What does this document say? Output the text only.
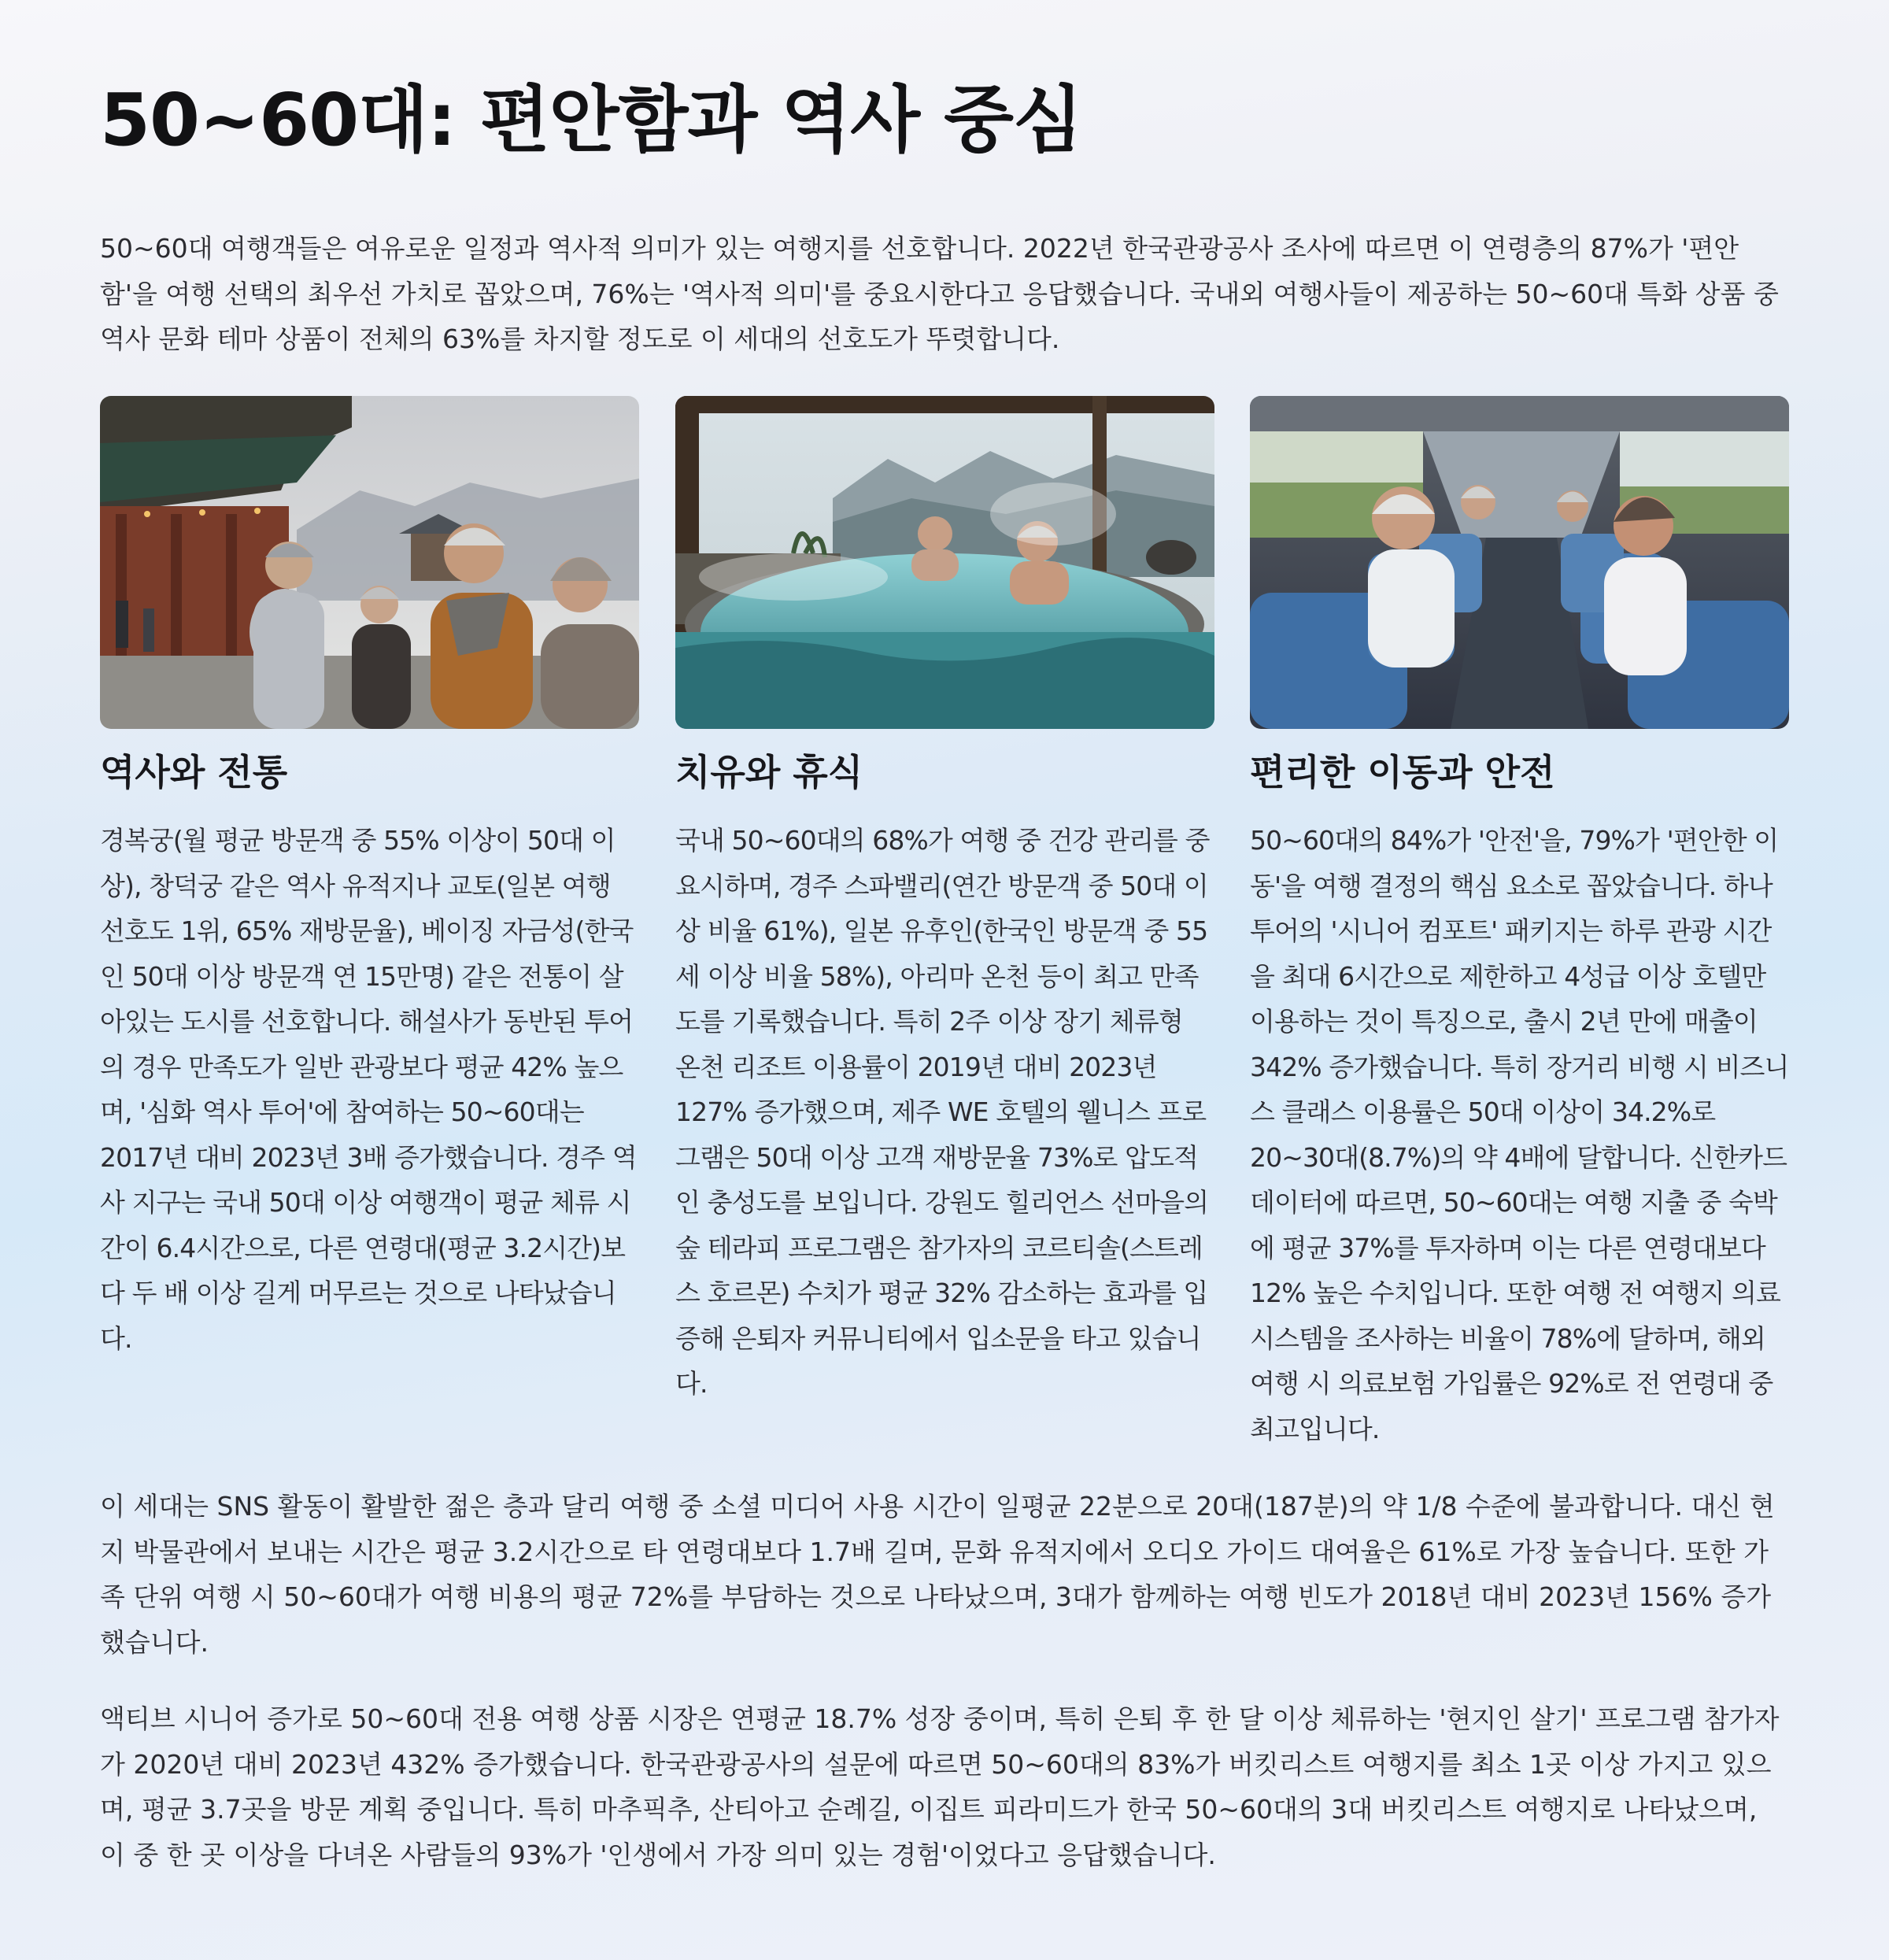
50~60대: 편안함과 역사 중심

50~60대 여행객들은 여유로운 일정과 역사적 의미가 있는 여행지를 선호합니다. 2022년 한국관광공사 조사에 따르면 이 연령층의 87%가 '편안함'을 여행 선택의 최우선 가치로 꼽았으며, 76%는 '역사적 의미'를 중요시한다고 응답했습니다. 국내외 여행사들이 제공하는 50~60대 특화 상품 중 역사 문화 테마 상품이 전체의 63%를 차지할 정도로 이 세대의 선호도가 뚜렷합니다.

역사와 전통

경복궁(월 평균 방문객 중 55% 이상이 50대 이상), 창덕궁 같은 역사 유적지나 교토(일본 여행 선호도 1위, 65% 재방문율), 베이징 자금성(한국인 50대 이상 방문객 연 15만명) 같은 전통이 살아있는 도시를 선호합니다. 해설사가 동반된 투어의 경우 만족도가 일반 관광보다 평균 42% 높으며, '심화 역사 투어'에 참여하는 50~60대는 2017년 대비 2023년 3배 증가했습니다. 경주 역사 지구는 국내 50대 이상 여행객이 평균 체류 시간이 6.4시간으로, 다른 연령대(평균 3.2시간)보다 두 배 이상 길게 머무르는 것으로 나타났습니다.

치유와 휴식

국내 50~60대의 68%가 여행 중 건강 관리를 중요시하며, 경주 스파밸리(연간 방문객 중 50대 이상 비율 61%), 일본 유후인(한국인 방문객 중 55세 이상 비율 58%), 아리마 온천 등이 최고 만족도를 기록했습니다. 특히 2주 이상 장기 체류형 온천 리조트 이용률이 2019년 대비 2023년 127% 증가했으며, 제주 WE 호텔의 웰니스 프로그램은 50대 이상 고객 재방문율 73%로 압도적인 충성도를 보입니다. 강원도 힐리언스 선마을의 숲 테라피 프로그램은 참가자의 코르티솔(스트레스 호르몬) 수치가 평균 32% 감소하는 효과를 입증해 은퇴자 커뮤니티에서 입소문을 타고 있습니다.

편리한 이동과 안전

50~60대의 84%가 '안전'을, 79%가 '편안한 이동'을 여행 결정의 핵심 요소로 꼽았습니다. 하나투어의 '시니어 컴포트' 패키지는 하루 관광 시간을 최대 6시간으로 제한하고 4성급 이상 호텔만 이용하는 것이 특징으로, 출시 2년 만에 매출이 342% 증가했습니다. 특히 장거리 비행 시 비즈니스 클래스 이용률은 50대 이상이 34.2%로 20~30대(8.7%)의 약 4배에 달합니다. 신한카드 데이터에 따르면, 50~60대는 여행 지출 중 숙박에 평균 37%를 투자하며 이는 다른 연령대보다 12% 높은 수치입니다. 또한 여행 전 여행지 의료 시스템을 조사하는 비율이 78%에 달하며, 해외여행 시 의료보험 가입률은 92%로 전 연령대 중 최고입니다.

이 세대는 SNS 활동이 활발한 젊은 층과 달리 여행 중 소셜 미디어 사용 시간이 일평균 22분으로 20대(187분)의 약 1/8 수준에 불과합니다. 대신 현지 박물관에서 보내는 시간은 평균 3.2시간으로 타 연령대보다 1.7배 길며, 문화 유적지에서 오디오 가이드 대여율은 61%로 가장 높습니다. 또한 가족 단위 여행 시 50~60대가 여행 비용의 평균 72%를 부담하는 것으로 나타났으며, 3대가 함께하는 여행 빈도가 2018년 대비 2023년 156% 증가했습니다.

액티브 시니어 증가로 50~60대 전용 여행 상품 시장은 연평균 18.7% 성장 중이며, 특히 은퇴 후 한 달 이상 체류하는 '현지인 살기' 프로그램 참가자가 2020년 대비 2023년 432% 증가했습니다. 한국관광공사의 설문에 따르면 50~60대의 83%가 버킷리스트 여행지를 최소 1곳 이상 가지고 있으며, 평균 3.7곳을 방문 계획 중입니다. 특히 마추픽추, 산티아고 순례길, 이집트 피라미드가 한국 50~60대의 3대 버킷리스트 여행지로 나타났으며, 이 중 한 곳 이상을 다녀온 사람들의 93%가 '인생에서 가장 의미 있는 경험'이었다고 응답했습니다.
